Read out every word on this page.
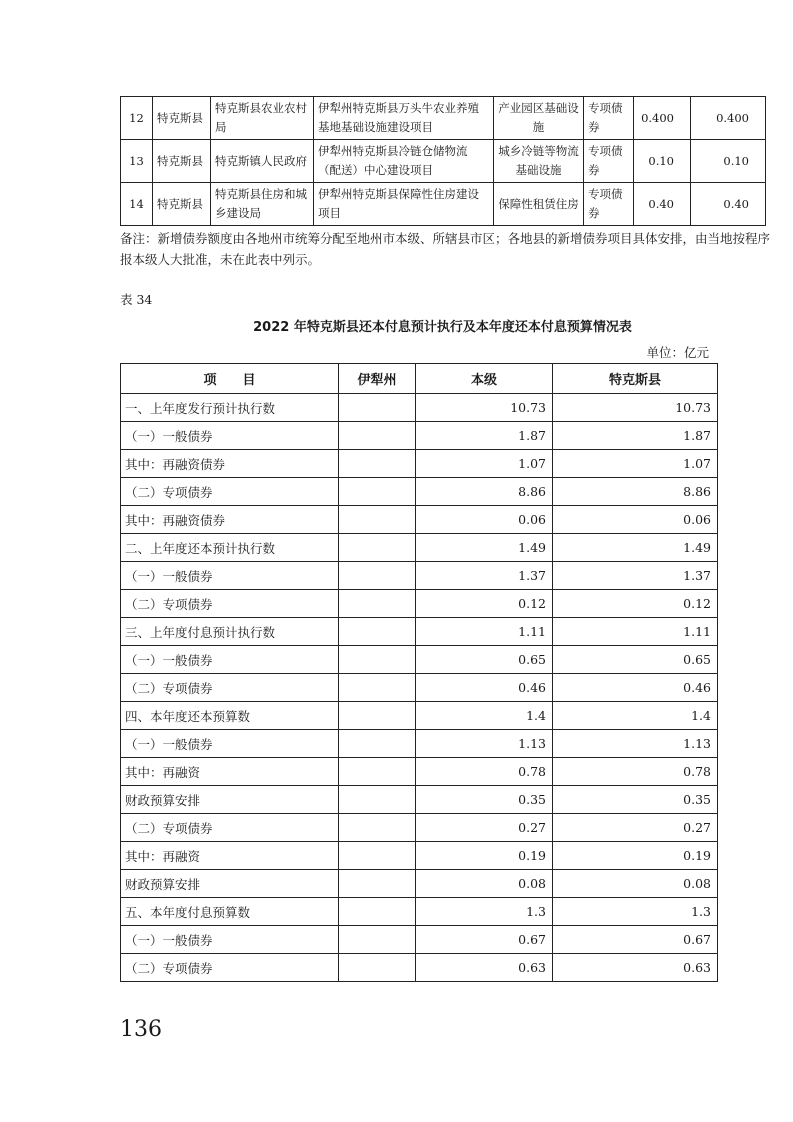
12	特克斯县	特克斯县农业农村局	伊犁州特克斯县万头牛农业养殖基地基础设施建设项目	产业园区基础设施	专项债券	0.400	0.400
13	特克斯县	特克斯镇人民政府	伊犁州特克斯县冷链仓储物流（配送）中心建设项目	城乡冷链等物流基础设施	专项债券	0.10	0.10
14	特克斯县	特克斯县住房和城乡建设局	伊犁州特克斯县保障性住房建设项目	保障性租赁住房	专项债券	0.40	0.40

备注：新增债券额度由各地州市统筹分配至地州市本级、所辖县市区；各地县的新增债券项目具体安排，由当地按程序报本级人大批准，未在此表中列示。

表 34
2022 年特克斯县还本付息预计执行及本年度还本付息预算情况表
单位：亿元
项　　目	伊犁州	本级	特克斯县
一、上年度发行预计执行数		10.73	10.73
（一）一般债券		1.87	1.87
其中：再融资债券		1.07	1.07
（二）专项债券		8.86	8.86
其中：再融资债券		0.06	0.06
二、上年度还本预计执行数		1.49	1.49
（一）一般债券		1.37	1.37
（二）专项债券		0.12	0.12
三、上年度付息预计执行数		1.11	1.11
（一）一般债券		0.65	0.65
（二）专项债券		0.46	0.46
四、本年度还本预算数		1.4	1.4
（一）一般债券		1.13	1.13
其中：再融资		0.78	0.78
财政预算安排		0.35	0.35
（二）专项债券		0.27	0.27
其中：再融资		0.19	0.19
财政预算安排		0.08	0.08
五、本年度付息预算数		1.3	1.3
（一）一般债券		0.67	0.67
（二）专项债券		0.63	0.63
136
